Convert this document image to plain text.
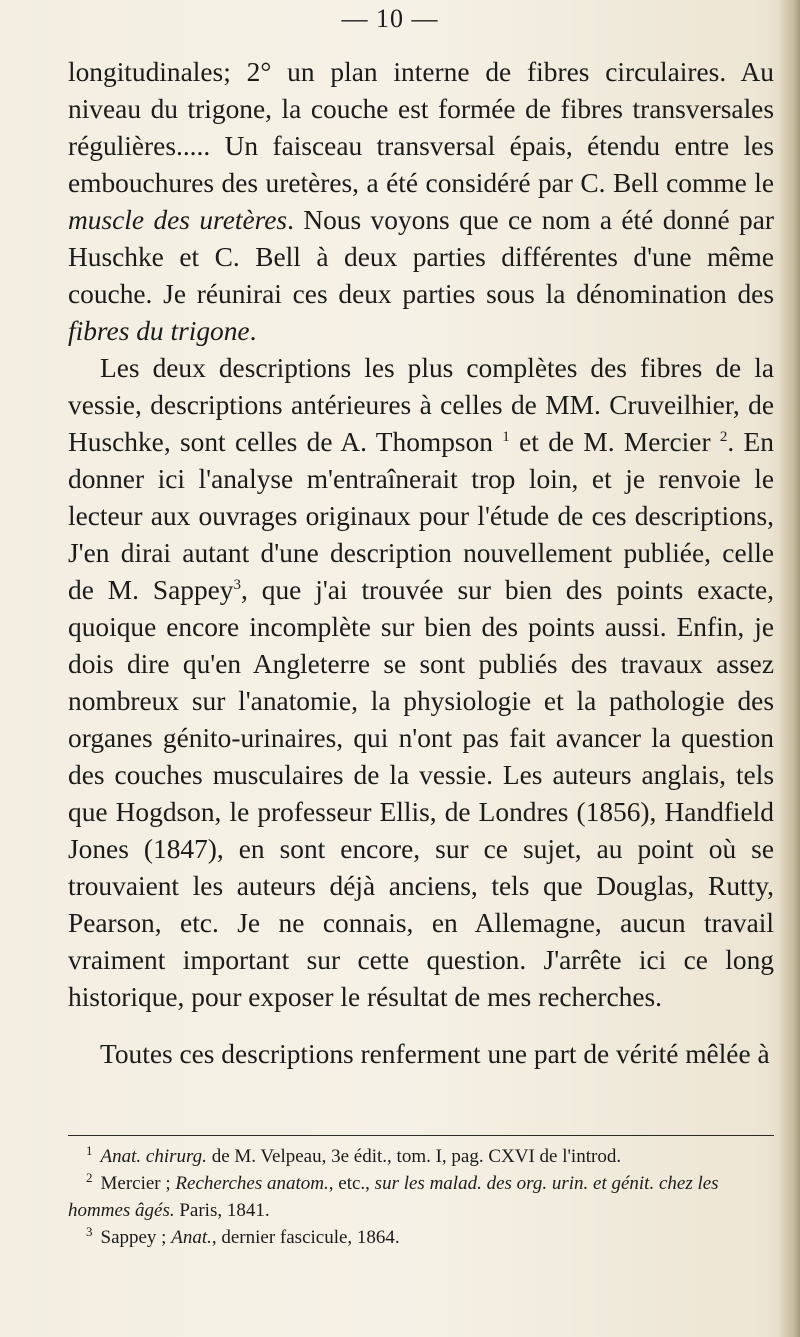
— 10 —

longitudinales; 2° un plan interne de fibres circulaires. Au niveau du trigone, la couche est formée de fibres transversales régulières..... Un faisceau transversal épais, étendu entre les embouchures des uretères, a été considéré par C. Bell comme le muscle des uretères. Nous voyons que ce nom a été donné par Huschke et C. Bell à deux parties différentes d'une même couche. Je réunirai ces deux parties sous la dénomination des fibres du trigone.

Les deux descriptions les plus complètes des fibres de la vessie, descriptions antérieures à celles de MM. Cruveilhier, de Huschke, sont celles de A. Thompson $^1$ et de M. Mercier $^2$. En donner ici l'analyse m'entraînerait trop loin, et je renvoie le lecteur aux ouvrages originaux pour l'étude de ces descriptions, J'en dirai autant d'une description nouvellement publiée, celle de M. Sappey$^3$, que j'ai trouvée sur bien des points exacte, quoique encore incomplète sur bien des points aussi. Enfin, je dois dire qu'en Angleterre se sont publiés des travaux assez nombreux sur l'anatomie, la physiologie et la pathologie des organes génito-urinaires, qui n'ont pas fait avancer la question des couches musculaires de la vessie. Les auteurs anglais, tels que Hogdson, le professeur Ellis, de Londres (1856), Handfield Jones (1847), en sont encore, sur ce sujet, au point où se trouvaient les auteurs déjà anciens, tels que Douglas, Rutty, Pearson, etc. Je ne connais, en Allemagne, aucun travail vraiment important sur cette question. J'arrête ici ce long historique, pour exposer le résultat de mes recherches.

Toutes ces descriptions renferment une part de vérité mêlée à

$^1$ Anat. chirurg. de M. Velpeau, 3e édit., tom. I, pag. CXVI de l'introd.
$^2$ Mercier ; Recherches anatom., etc., sur les malad. des org. urin. et génit. chez les hommes âgés. Paris, 1841.
$^3$ Sappey ; Anat., dernier fascicule, 1864.
